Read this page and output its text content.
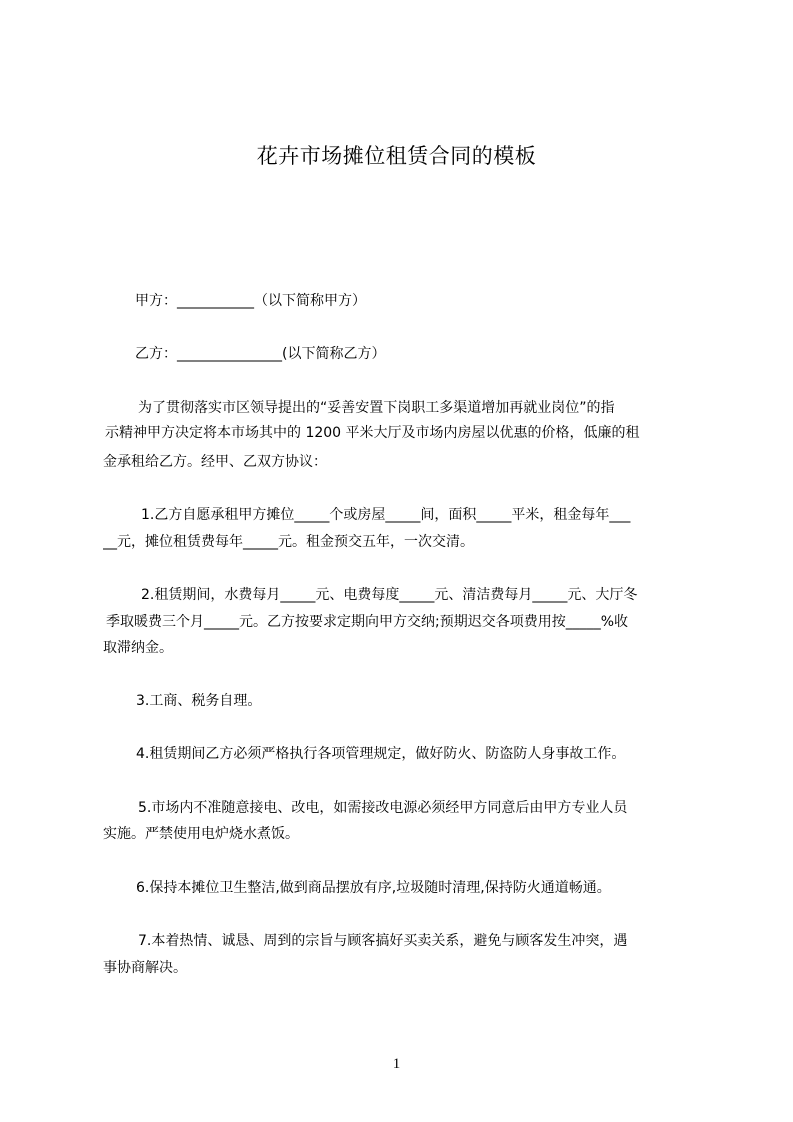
花卉市场摊位租赁合同的模板
甲方：___________（以下简称甲方）
乙方：_______________(以下简称乙方）
为了贯彻落实市区领导提出的“妥善安置下岗职工多渠道增加再就业岗位”的指
示精神甲方决定将本市场其中的 1200 平米大厅及市场内房屋以优惠的价格，低廉的租
金承租给乙方。经甲、乙双方协议：
1.乙方自愿承租甲方摊位_____个或房屋_____间，面积_____平米，租金每年___
__元，摊位租赁费每年_____元。租金预交五年，一次交清。
2.租赁期间，水费每月_____元、电费每度_____元、清洁费每月_____元、大厅冬
季取暖费三个月_____元。乙方按要求定期向甲方交纳;预期迟交各项费用按_____%收
取滞纳金。
3.工商、税务自理。
4.租赁期间乙方必须严格执行各项管理规定，做好防火、防盗防人身事故工作。
5.市场内不准随意接电、改电，如需接改电源必须经甲方同意后由甲方专业人员
实施。严禁使用电炉烧水煮饭。
6.保持本摊位卫生整洁,做到商品摆放有序,垃圾随时清理,保持防火通道畅通。
7.本着热情、诚恳、周到的宗旨与顾客搞好买卖关系，避免与顾客发生冲突，遇
事协商解决。
1
